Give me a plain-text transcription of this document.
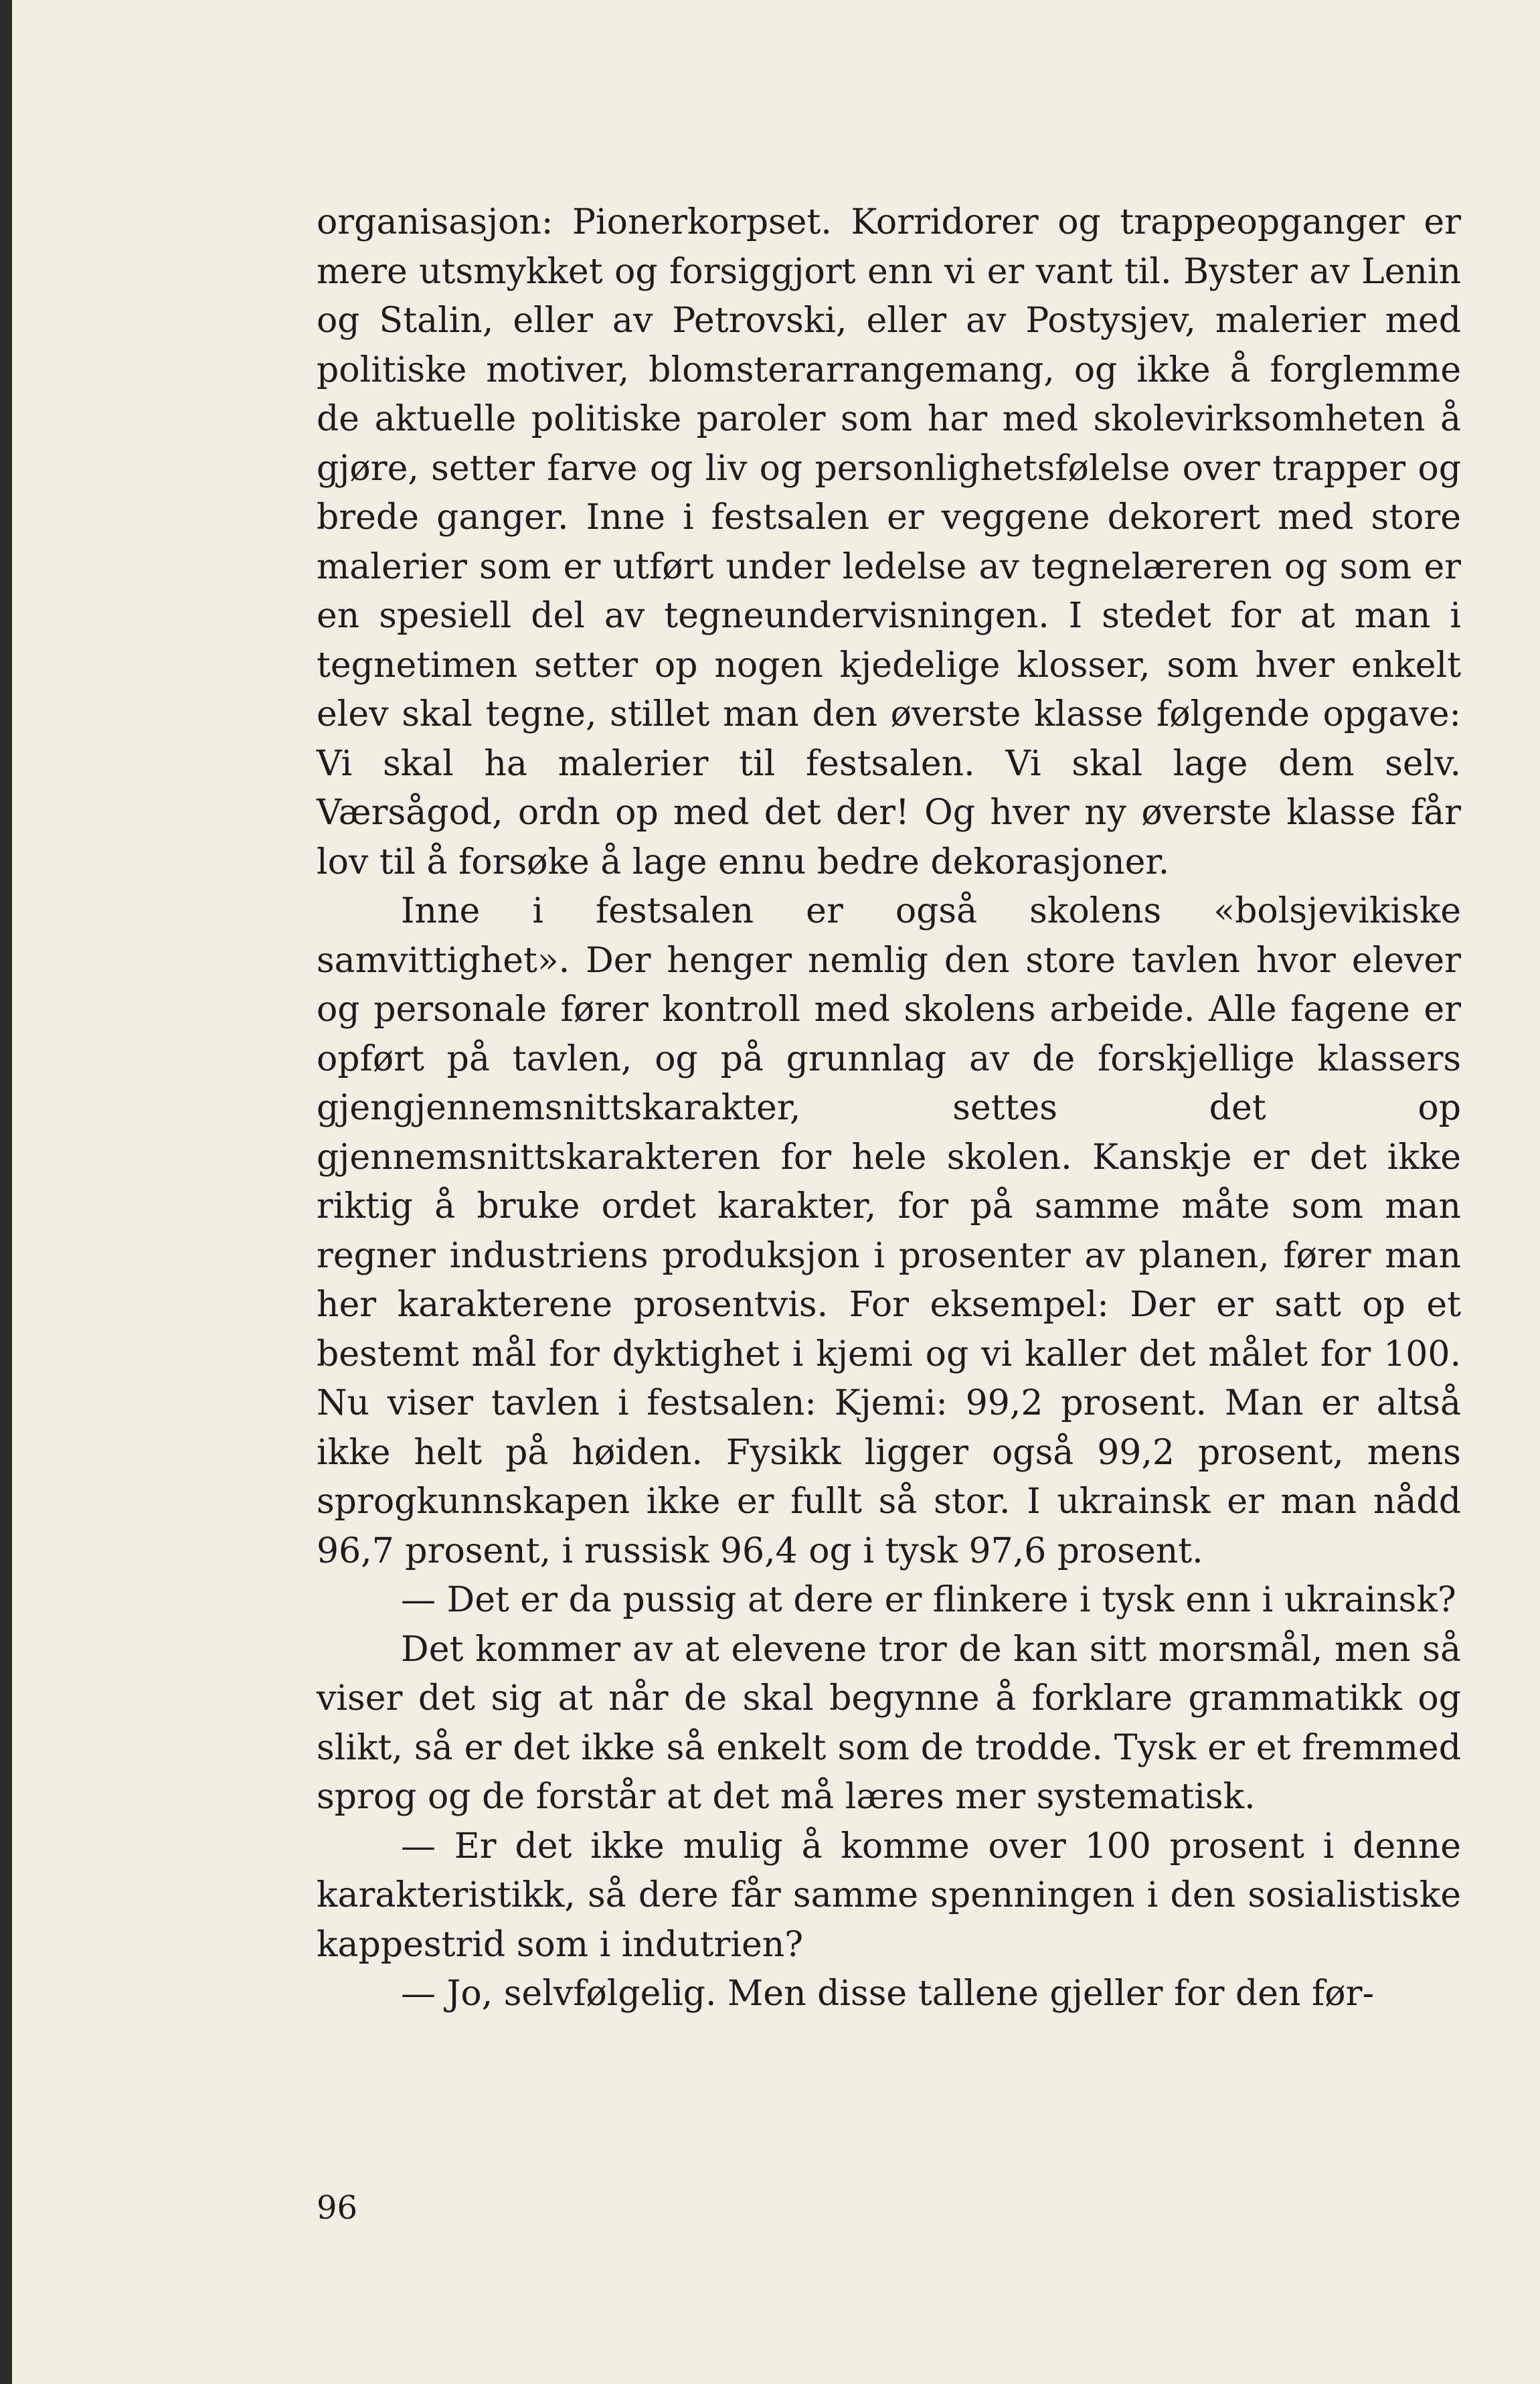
organisasjon: Pionerkorpset. Korridorer og trappeopganger er mere utsmykket og forsiggjort enn vi er vant til. Byster av Lenin og Stalin, eller av Petrovski, eller av Postysjev, malerier med politiske motiver, blomsterarrangemang, og ikke å forglemme de aktuelle politiske paroler som har med skolevirksomheten å gjøre, setter farve og liv og personlighetsfølelse over trapper og brede ganger. Inne i festsalen er veggene dekorert med store malerier som er utført under ledelse av tegnelæreren og som er en spesiell del av tegneundervisningen. I stedet for at man i tegnetimen setter op nogen kjedelige klosser, som hver enkelt elev skal tegne, stillet man den øverste klasse følgende opgave: Vi skal ha malerier til festsalen. Vi skal lage dem selv. Værsågod, ordn op med det der! Og hver ny øverste klasse får lov til å forsøke å lage ennu bedre dekorasjoner.

Inne i festsalen er også skolens «bolsjevikiske samvittighet». Der henger nemlig den store tavlen hvor elever og personale fører kontroll med skolens arbeide. Alle fagene er opført på tavlen, og på grunnlag av de forskjellige klassers gjengjennemsnittskarakter, settes det op gjennemsnittskarakteren for hele skolen. Kanskje er det ikke riktig å bruke ordet karakter, for på samme måte som man regner industriens produksjon i prosenter av planen, fører man her karakterene prosentvis. For eksempel: Der er satt op et bestemt mål for dyktighet i kjemi og vi kaller det målet for 100. Nu viser tavlen i festsalen: Kjemi: 99,2 prosent. Man er altså ikke helt på høiden. Fysikk ligger også 99,2 prosent, mens sprogkunnskapen ikke er fullt så stor. I ukrainsk er man nådd 96,7 prosent, i russisk 96,4 og i tysk 97,6 prosent.

— Det er da pussig at dere er flinkere i tysk enn i ukrainsk?

Det kommer av at elevene tror de kan sitt morsmål, men så viser det sig at når de skal begynne å forklare grammatikk og slikt, så er det ikke så enkelt som de trodde. Tysk er et fremmed sprog og de forstår at det må læres mer systematisk.

— Er det ikke mulig å komme over 100 prosent i denne karakteristikk, så dere får samme spenningen i den sosialistiske kappestrid som i indutrien?

— Jo, selvfølgelig. Men disse tallene gjeller for den før-

96
